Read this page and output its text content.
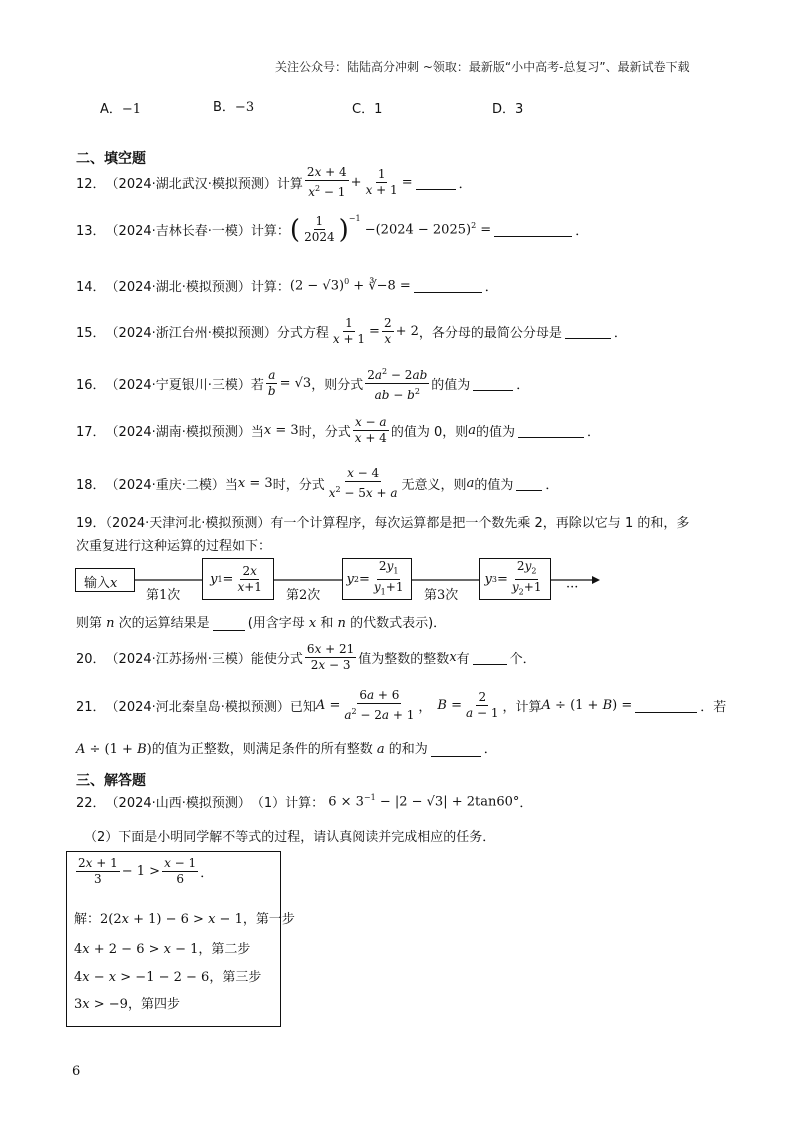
关注公众号：陆陆高分冲刺 ~领取：最新版“小中高考-总复习”、最新试卷下载
A．−1	B．−3	C．1	D．3
二、填空题
12． （2024·湖北武汉·模拟预测） 计算 $\frac{2x + 4}{x^2 - 1} + \frac{1}{x + 1}$ =	．
13． （2024·吉林长春·一模） 计算： ( $\frac{1}{2024} )^{-1}$
$-(2024 - 2025)^2$ =	．
14． （2024·湖北·模拟预测） 计算： $(2 - √3)^0$ + ∛−8 =	．
15． （2024·浙江台州·模拟预测） 分式方程 $\frac{1}{x + 1} = \frac{2}{x} + 2$ ，各分母的最简公分母是	．
16． （2024·宁夏银川·三模） 若 $\frac{a}{b} = √3$ ，则分式 $\frac{2a^2 - 2ab}{ab - b^2}$ 的值为	．
17． （2024·湖南·模拟预测） 当 x = 3 时，分式 $\frac{x - a}{x + 4}$ 的值为 0，则 a 的值为	．
18． （2024·重庆·二模） 当 x = 3 时，分式 $\frac{x - 4}{x^2 - 5x + a}$ 无意义，则 a 的值为 ．
19．（2024·天津河北·模拟预测）有一个计算程序，每次运算都是把一个数先乘 2，再除以它与 1 的和，多
次重复进行这种运算的过程如下：
输入x
第1次
y $1 = \frac{2x}{x+1}$
第2次
y $2 = \frac{2y_1}{y_1+1}$ 第3次
y $3 = \frac{2y_2}{y_2+1}$ ···
则第 n 次的运算结果是	(用含字母 x 和 n 的代数式表示)．
20． （2024·江苏扬州·三模） 能使分式 $\frac{6x + 21}{2x - 3}$ 值为整数的整数 x 有	个．
21． （2024·河北秦皇岛·模拟预测） 已知 $A = \frac{6a + 6}{a^2 - 2a + 1}$ ， $B = \frac{2}{a - 1}$ ，计算 A ÷ (1 + B) =	．若
A ÷ (1 + B)的值为正整数，则满足条件的所有整数 a 的和为	．
三、解答题
22． （2024·山西·模拟预测） （1）计算： $6 \times 3^{-1} - |2 - √3| + 2\tan 60^\circ$ ．
（2）下面是小明同学解不等式的过程，请认真阅读并完成相应的任务．
$\frac{2x + 1}{3} - 1 > \frac{x - 1}{6}$ ．
解：2(2x + 1) − 6 > x − 1，第一步
4x + 2 − 6 > x − 1，第二步
4x − x > −1 − 2 − 6，第三步
3x > −9，第四步
6
